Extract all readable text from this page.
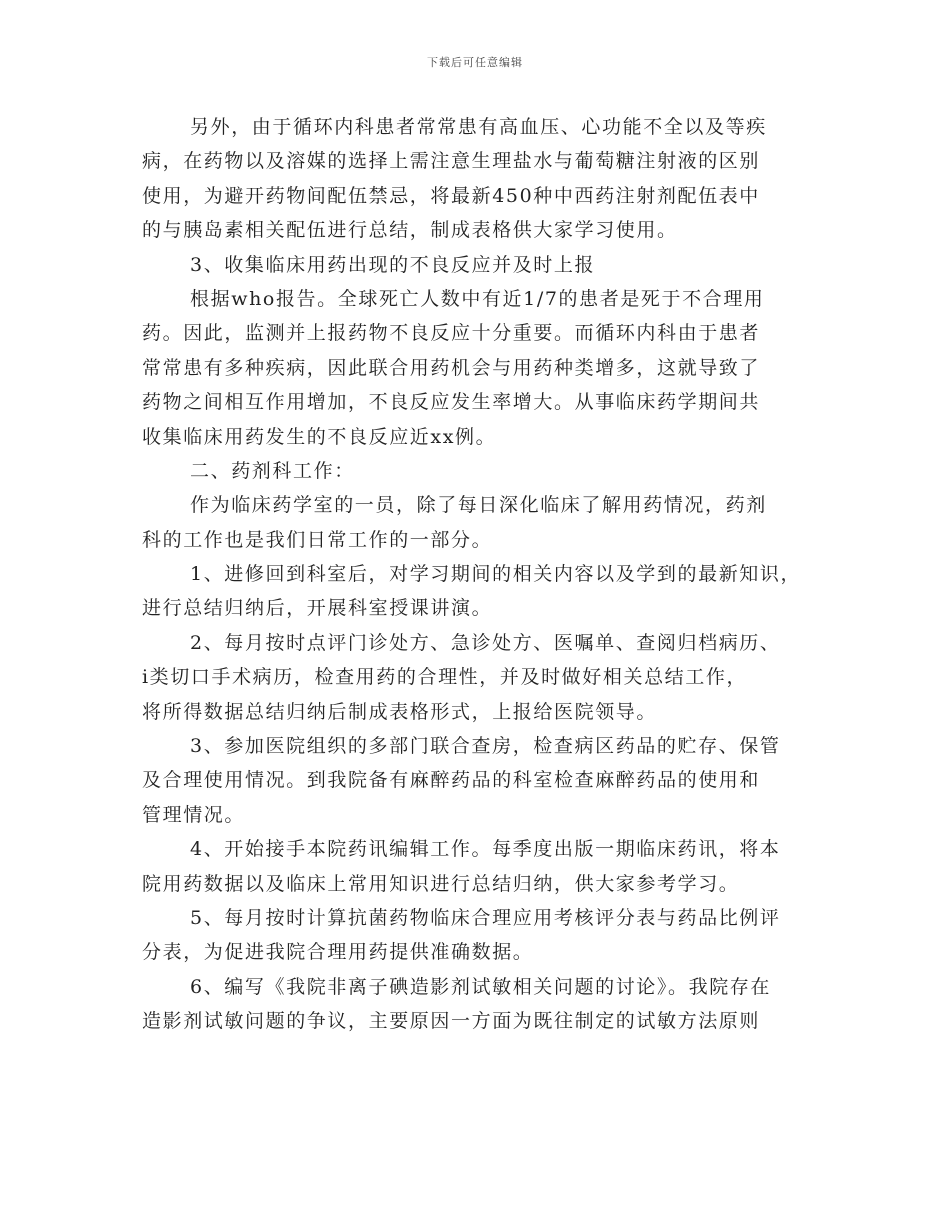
下载后可任意编辑
另外，由于循环内科患者常常患有高血压、心功能不全以及等疾
病，在药物以及溶媒的选择上需注意生理盐水与葡萄糖注射液的区别
使用，为避开药物间配伍禁忌，将最新450种中西药注射剂配伍表中
的与胰岛素相关配伍进行总结，制成表格供大家学习使用。
3、收集临床用药出现的不良反应并及时上报
根据who报告。全球死亡人数中有近1/7的患者是死于不合理用
药。因此，监测并上报药物不良反应十分重要。而循环内科由于患者
常常患有多种疾病，因此联合用药机会与用药种类增多，这就导致了
药物之间相互作用增加，不良反应发生率增大。从事临床药学期间共
收集临床用药发生的不良反应近xx例。
二、药剂科工作：
作为临床药学室的一员，除了每日深化临床了解用药情况，药剂
科的工作也是我们日常工作的一部分。
1、进修回到科室后，对学习期间的相关内容以及学到的最新知识，
进行总结归纳后，开展科室授课讲演。
2、每月按时点评门诊处方、急诊处方、医嘱单、查阅归档病历、
ⅰ类切口手术病历，检查用药的合理性，并及时做好相关总结工作，
将所得数据总结归纳后制成表格形式，上报给医院领导。
3、参加医院组织的多部门联合查房，检查病区药品的贮存、保管
及合理使用情况。到我院备有麻醉药品的科室检查麻醉药品的使用和
管理情况。
4、开始接手本院药讯编辑工作。每季度出版一期临床药讯，将本
院用药数据以及临床上常用知识进行总结归纳，供大家参考学习。
5、每月按时计算抗菌药物临床合理应用考核评分表与药品比例评
分表，为促进我院合理用药提供准确数据。
6、编写《我院非离子碘造影剂试敏相关问题的讨论》。我院存在
造影剂试敏问题的争议，主要原因一方面为既往制定的试敏方法原则
